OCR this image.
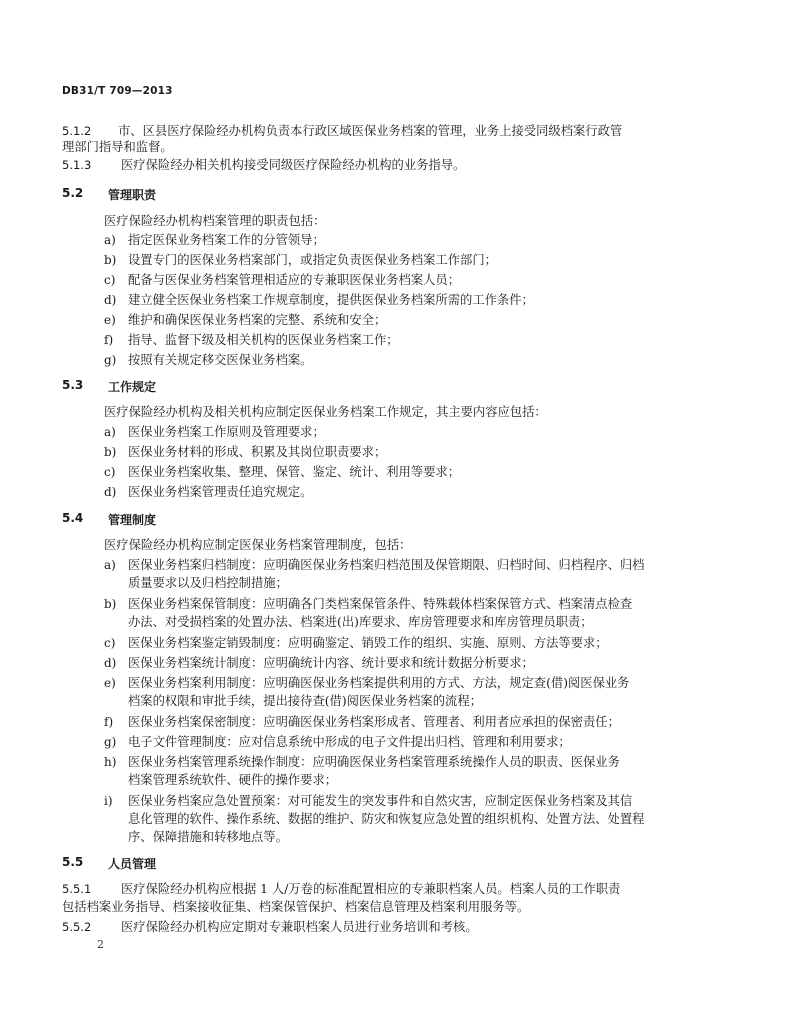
DB31/T 709—2013
5.1.2 市、区县医疗保险经办机构负责本行政区域医保业务档案的管理，业务上接受同级档案行政管
理部门指导和监督。
5.1.3 医疗保险经办相关机构接受同级医疗保险经办机构的业务指导。
5.2 管理职责
医疗保险经办机构档案管理的职责包括：
a) 指定医保业务档案工作的分管领导；
b) 设置专门的医保业务档案部门，或指定负责医保业务档案工作部门；
c) 配备与医保业务档案管理相适应的专兼职医保业务档案人员；
d) 建立健全医保业务档案工作规章制度，提供医保业务档案所需的工作条件；
e) 维护和确保医保业务档案的完整、系统和安全；
f) 指导、监督下级及相关机构的医保业务档案工作；
g) 按照有关规定移交医保业务档案。
5.3 工作规定
医疗保险经办机构及相关机构应制定医保业务档案工作规定，其主要内容应包括：
a) 医保业务档案工作原则及管理要求；
b) 医保业务材料的形成、积累及其岗位职责要求；
c) 医保业务档案收集、整理、保管、鉴定、统计、利用等要求；
d) 医保业务档案管理责任追究规定。
5.4 管理制度
医疗保险经办机构应制定医保业务档案管理制度，包括：
a) 医保业务档案归档制度：应明确医保业务档案归档范围及保管期限、归档时间、归档程序、归档
质量要求以及归档控制措施；
b) 医保业务档案保管制度：应明确各门类档案保管条件、特殊载体档案保管方式、档案清点检查
办法、对受损档案的处置办法、档案进(出)库要求、库房管理要求和库房管理员职责；
c) 医保业务档案鉴定销毁制度：应明确鉴定、销毁工作的组织、实施、原则、方法等要求；
d) 医保业务档案统计制度：应明确统计内容、统计要求和统计数据分析要求；
e) 医保业务档案利用制度：应明确医保业务档案提供利用的方式、方法，规定查(借)阅医保业务
档案的权限和审批手续，提出接待查(借)阅医保业务档案的流程；
f) 医保业务档案保密制度：应明确医保业务档案形成者、管理者、利用者应承担的保密责任；
g) 电子文件管理制度：应对信息系统中形成的电子文件提出归档、管理和利用要求；
h) 医保业务档案管理系统操作制度：应明确医保业务档案管理系统操作人员的职责、医保业务
档案管理系统软件、硬件的操作要求；
i) 医保业务档案应急处置预案：对可能发生的突发事件和自然灾害，应制定医保业务档案及其信
息化管理的软件、操作系统、数据的维护、防灾和恢复应急处置的组织机构、处置方法、处置程
序、保障措施和转移地点等。
5.5 人员管理
5.5.1 医疗保险经办机构应根据 1 人/万卷的标准配置相应的专兼职档案人员。档案人员的工作职责
包括档案业务指导、档案接收征集、档案保管保护、档案信息管理及档案利用服务等。
5.5.2 医疗保险经办机构应定期对专兼职档案人员进行业务培训和考核。
2
